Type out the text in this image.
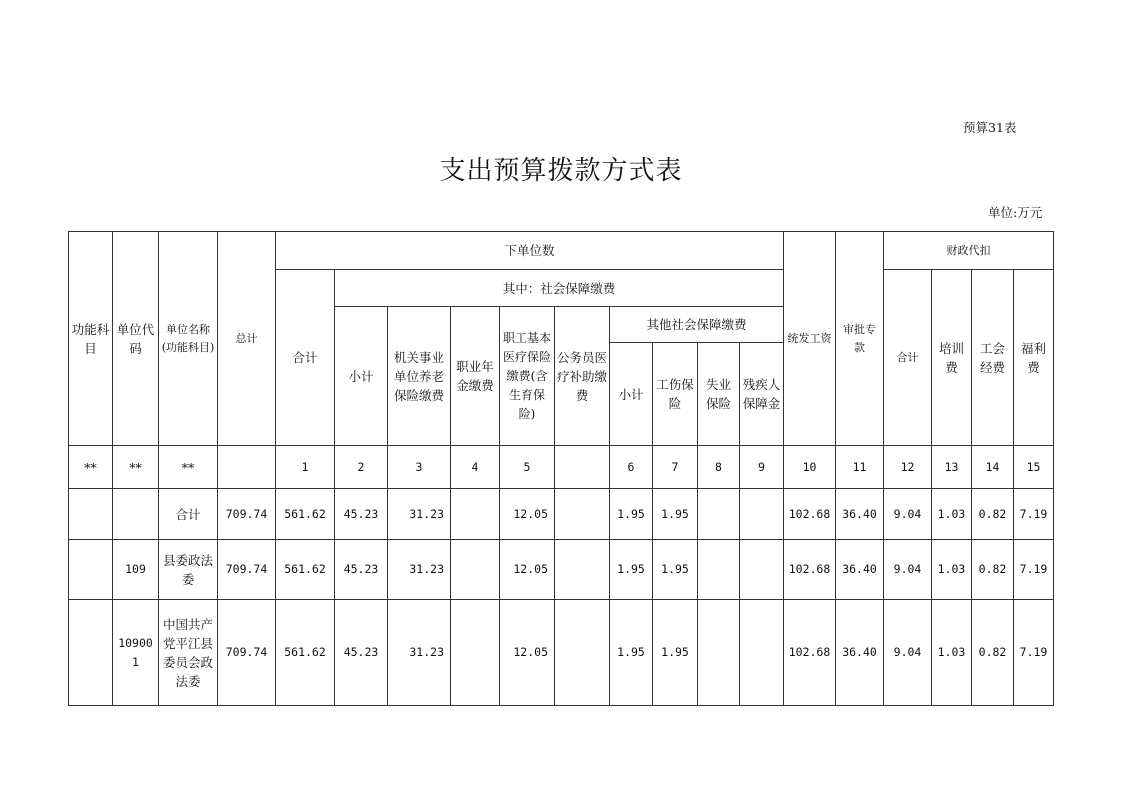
预算31表
支出预算拨款方式表
单位:万元
功能科目	单位代码	单位名称(功能科目)	总计	下单位数										统发工资	审批专款	财政代扣			
				合计	其中：社会保障缴费											合计	培训费	工会经费	福利费
					小计	机关事业单位养老保险缴费	职业年金缴费	职工基本医疗保险缴费(含生育保险)	公务员医疗补助缴费	其他社会保障缴费									
										小计	工伤保险	失业保险	残疾人保障金						
**	**	**		1	2	3	4	5		6	7	8	9	10	11	12	13	14	15
		合计	709.74	561.62	45.23	31.23		12.05		1.95	1.95			102.68	36.40	9.04	1.03	0.82	7.19
	109	县委政法委	709.74	561.62	45.23	31.23		12.05		1.95	1.95			102.68	36.40	9.04	1.03	0.82	7.19
	109001	中国共产党平江县委员会政法委	709.74	561.62	45.23	31.23		12.05		1.95	1.95			102.68	36.40	9.04	1.03	0.82	7.19
